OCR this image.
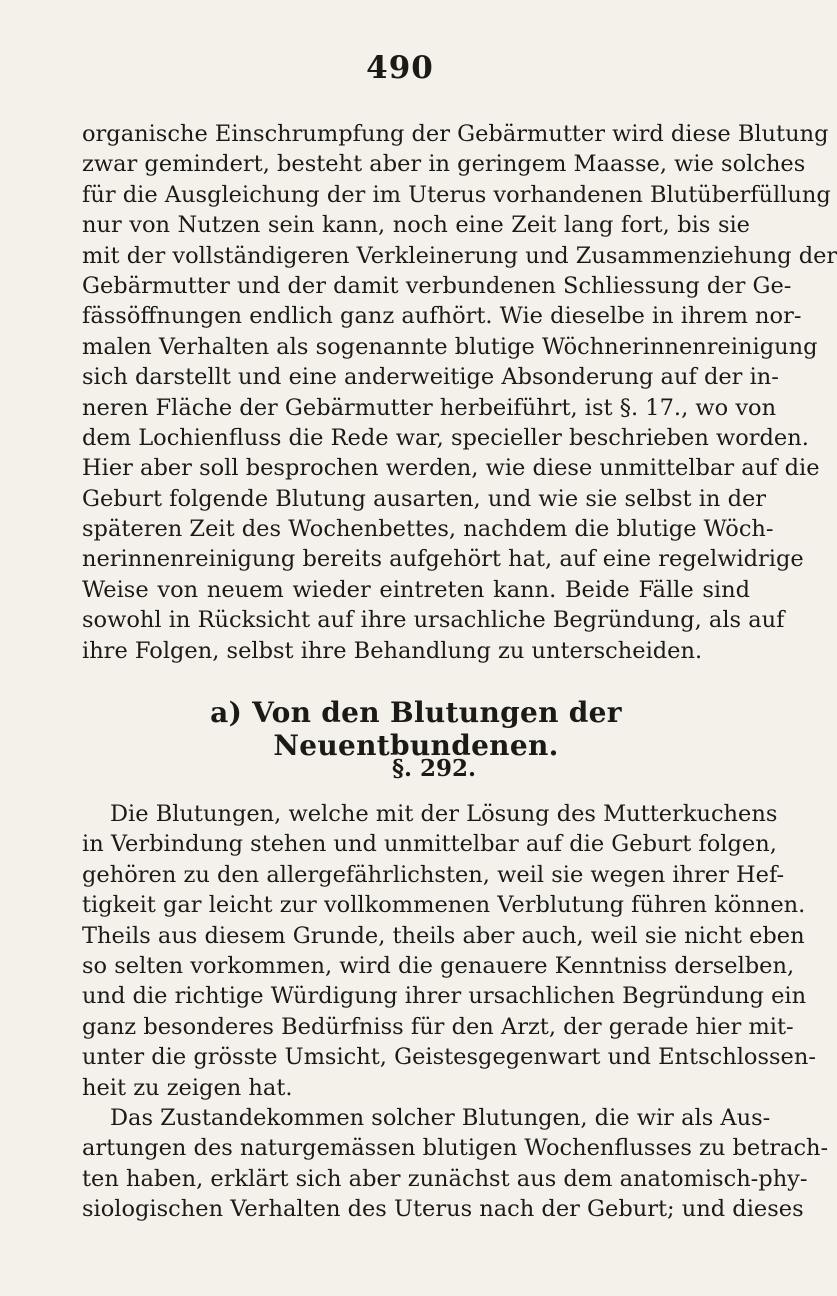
490
organische Einschrumpfung der Gebärmutter wird diese Blutung
zwar gemindert, besteht aber in geringem Maasse, wie solches
für die Ausgleichung der im Uterus vorhandenen Blutüberfüllung
nur von Nutzen sein kann, noch eine Zeit lang fort, bis sie
mit der vollständigeren Verkleinerung und Zusammenziehung der
Gebärmutter und der damit verbundenen Schliessung der Ge-
fässöffnungen endlich ganz aufhört. Wie dieselbe in ihrem nor-
malen Verhalten als sogenannte blutige Wöchnerinnenreinigung
sich darstellt und eine anderweitige Absonderung auf der in-
neren Fläche der Gebärmutter herbeiführt, ist §. 17., wo von
dem Lochienfluss die Rede war, specieller beschrieben worden.
Hier aber soll besprochen werden, wie diese unmittelbar auf die
Geburt folgende Blutung ausarten, und wie sie selbst in der
späteren Zeit des Wochenbettes, nachdem die blutige Wöch-
nerinnenreinigung bereits aufgehört hat, auf eine regelwidrige
Weise von neuem wieder eintreten kann. Beide Fälle sind
sowohl in Rücksicht auf ihre ursachliche Begründung, als auf
ihre Folgen, selbst ihre Behandlung zu unterscheiden.
a) Von den Blutungen der Neuentbundenen.
§. 292.
Die Blutungen, welche mit der Lösung des Mutterkuchens
in Verbindung stehen und unmittelbar auf die Geburt folgen,
gehören zu den allergefährlichsten, weil sie wegen ihrer Hef-
tigkeit gar leicht zur vollkommenen Verblutung führen können.
Theils aus diesem Grunde, theils aber auch, weil sie nicht eben
so selten vorkommen, wird die genauere Kenntniss derselben,
und die richtige Würdigung ihrer ursachlichen Begründung ein
ganz besonderes Bedürfniss für den Arzt, der gerade hier mit-
unter die grösste Umsicht, Geistesgegenwart und Entschlossen-
heit zu zeigen hat.
Das Zustandekommen solcher Blutungen, die wir als Aus-
artungen des naturgemässen blutigen Wochenflusses zu betrach-
ten haben, erklärt sich aber zunächst aus dem anatomisch-phy-
siologischen Verhalten des Uterus nach der Geburt; und dieses
